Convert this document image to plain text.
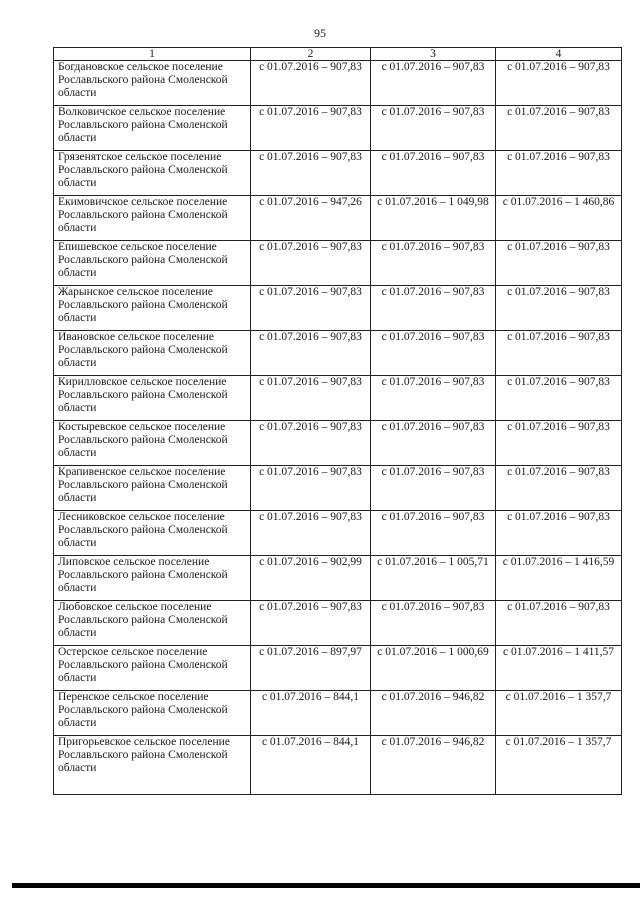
95
1	2	3	4
Богдановское сельское поселение Рославльского района Смоленской области	с 01.07.2016 – 907,83	с 01.07.2016 – 907,83	с 01.07.2016 – 907,83
Волковичское сельское поселение Рославльского района Смоленской области	с 01.07.2016 – 907,83	с 01.07.2016 – 907,83	с 01.07.2016 – 907,83
Грязенятское сельское поселение Рославльского района Смоленской области	с 01.07.2016 – 907,83	с 01.07.2016 – 907,83	с 01.07.2016 – 907,83
Екимовичское сельское поселение Рославльского района Смоленской области	с 01.07.2016 – 947,26	с 01.07.2016 – 1 049,98	с 01.07.2016 – 1 460,86
Епишевское сельское поселение Рославльского района Смоленской области	с 01.07.2016 – 907,83	с 01.07.2016 – 907,83	с 01.07.2016 – 907,83
Жарынское сельское поселение Рославльского района Смоленской области	с 01.07.2016 – 907,83	с 01.07.2016 – 907,83	с 01.07.2016 – 907,83
Ивановское сельское поселение Рославльского района Смоленской области	с 01.07.2016 – 907,83	с 01.07.2016 – 907,83	с 01.07.2016 – 907,83
Кирилловское сельское поселение Рославльского района Смоленской области	с 01.07.2016 – 907,83	с 01.07.2016 – 907,83	с 01.07.2016 – 907,83
Костыревское сельское поселение Рославльского района Смоленской области	с 01.07.2016 – 907,83	с 01.07.2016 – 907,83	с 01.07.2016 – 907,83
Крапивенское сельское поселение Рославльского района Смоленской области	с 01.07.2016 – 907,83	с 01.07.2016 – 907,83	с 01.07.2016 – 907,83
Лесниковское сельское поселение Рославльского района Смоленской области	с 01.07.2016 – 907,83	с 01.07.2016 – 907,83	с 01.07.2016 – 907,83
Липовское сельское поселение Рославльского района Смоленской области	с 01.07.2016 – 902,99	с 01.07.2016 – 1 005,71	с 01.07.2016 – 1 416,59
Любовское сельское поселение Рославльского района Смоленской области	с 01.07.2016 – 907,83	с 01.07.2016 – 907,83	с 01.07.2016 – 907,83
Остерское сельское поселение Рославльского района Смоленской области	с 01.07.2016 – 897,97	с 01.07.2016 – 1 000,69	с 01.07.2016 – 1 411,57
Перенское сельское поселение Рославльского района Смоленской области	с 01.07.2016 – 844,1	с 01.07.2016 – 946,82	с 01.07.2016 – 1 357,7
Пригорьевское сельское поселение Рославльского района Смоленской области	с 01.07.2016 – 844,1	с 01.07.2016 – 946,82	с 01.07.2016 – 1 357,7
